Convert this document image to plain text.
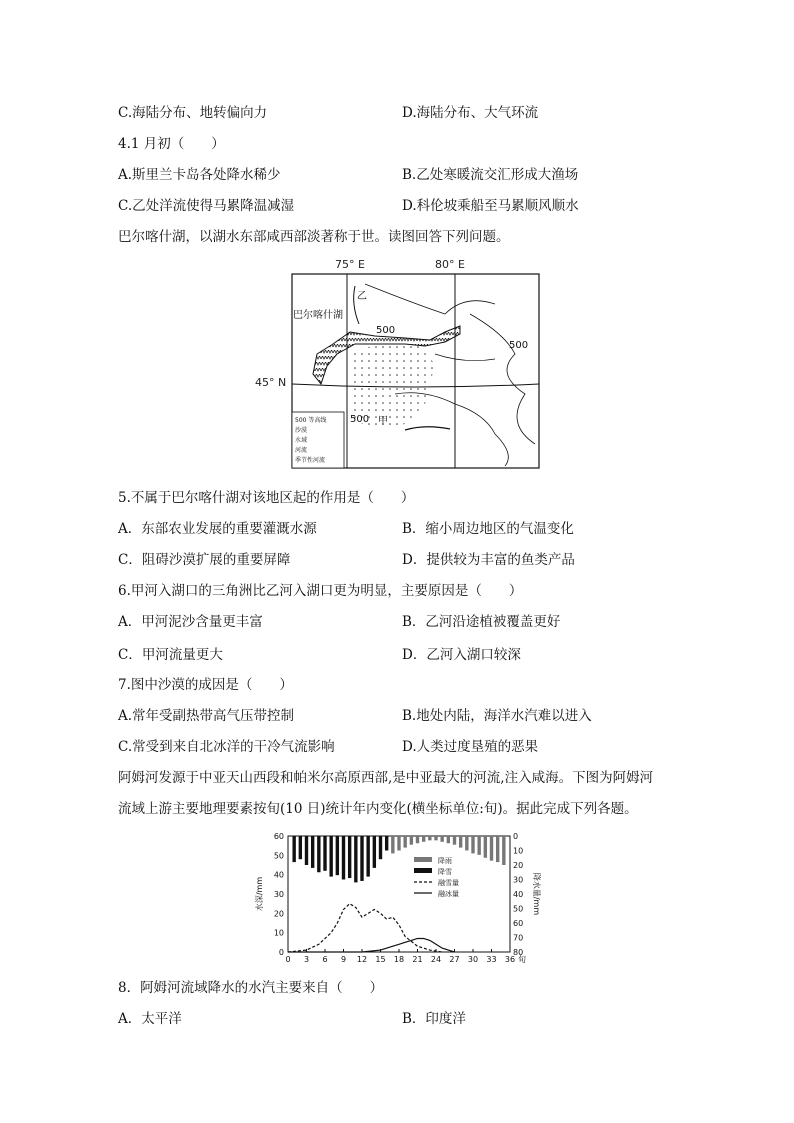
C.海陆分布、地转偏向力	D.海陆分布、大气环流
4.1 月初（　　）
A.斯里兰卡岛各处降水稀少	B.乙处寒暖流交汇形成大渔场
C.乙处洋流使得马累降温减湿	D.科伦坡乘船至马累顺风顺水
巴尔喀什湖，以湖水东部咸西部淡著称于世。读图回答下列问题。
75° E	80° E
45° N
巴尔喀什湖
乙
甲
500
500
500
500 等高线
沙漠
水域
河流
季节性河流
5.不属于巴尔喀什湖对该地区起的作用是（　　）
A．东部农业发展的重要灌溉水源	B．缩小周边地区的气温变化
C．阻碍沙漠扩展的重要屏障	D．提供较为丰富的鱼类产品
6.甲河入湖口的三角洲比乙河入湖口更为明显，主要原因是（　　）
A．甲河泥沙含量更丰富	B．乙河沿途植被覆盖更好
C．甲河流量更大	D．乙河入湖口较深
7.图中沙漠的成因是（　　）
A.常年受副热带高气压带控制	B.地处内陆，海洋水汽难以进入
C.常受到来自北冰洋的干冷气流影响	D.人类过度垦殖的恶果
阿姆河发源于中亚天山西段和帕米尔高原西部,是中亚最大的河流,注入咸海。下图为阿姆河
流域上游主要地理要素按旬(10 日)统计年内变化(横坐标单位:旬)。据此完成下列各题。
0 3 6 9 12 15 18 21 24 27 30 33 36 旬
0
10
20
30
40
50
60	0
10
20
30
40
50
60
70
80
水深/mm	降水量/mm
降雨
降雪
融雪量
融冰量
8．阿姆河流域降水的水汽主要来自（　　）
A．太平洋	B．印度洋
